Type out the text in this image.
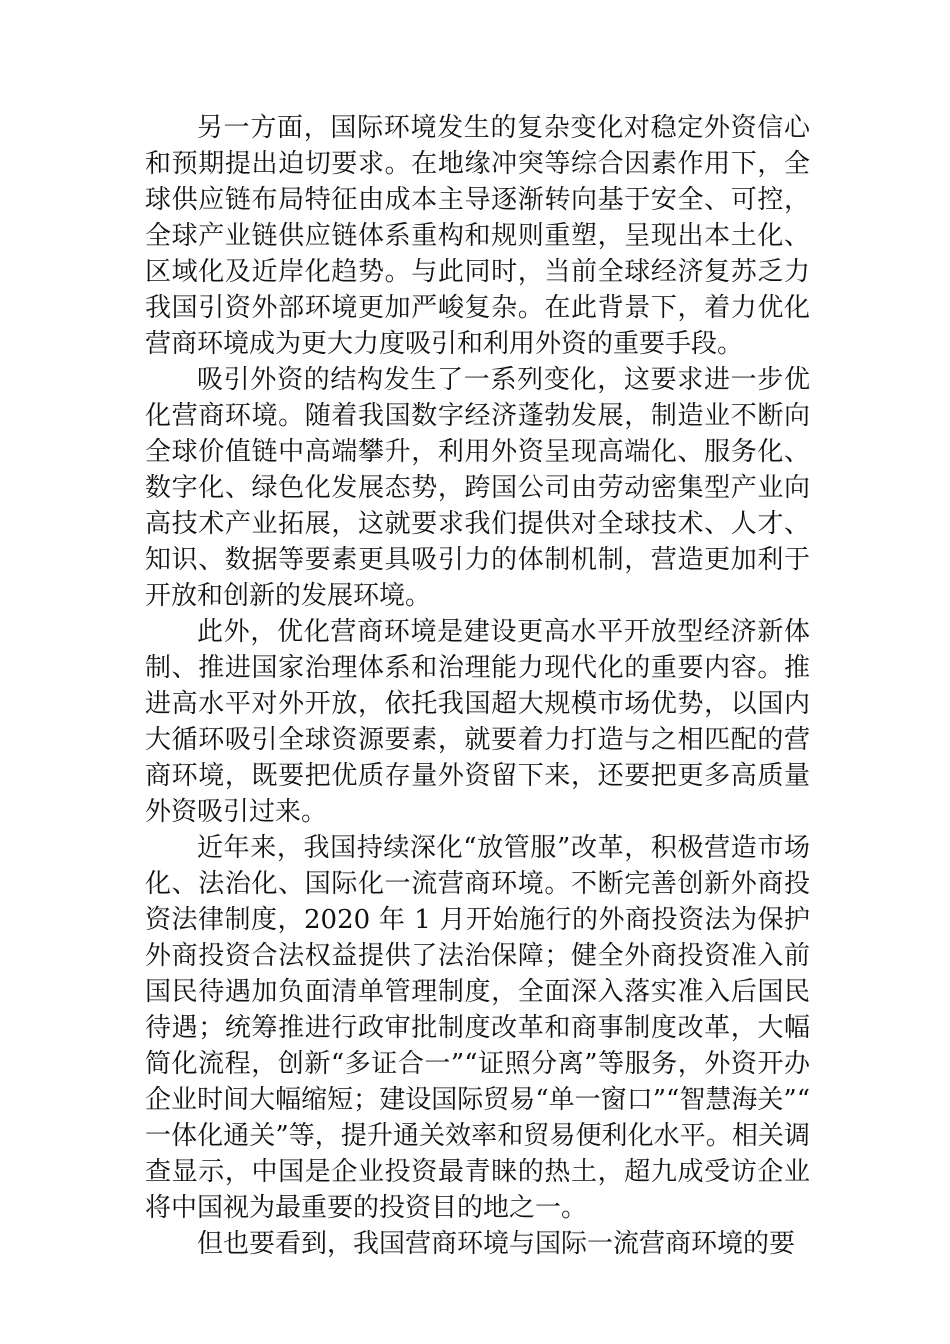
另一方面，国际环境发生的复杂变化对稳定外资信心和预期提出迫切要求。在地缘冲突等综合因素作用下，全球供应链布局特征由成本主导逐渐转向基于安全、可控，全球产业链供应链体系重构和规则重塑，呈现出本土化、区域化及近岸化趋势。与此同时，当前全球经济复苏乏力我国引资外部环境更加严峻复杂。在此背景下，着力优化营商环境成为更大力度吸引和利用外资的重要手段。

吸引外资的结构发生了一系列变化，这要求进一步优化营商环境。随着我国数字经济蓬勃发展，制造业不断向全球价值链中高端攀升，利用外资呈现高端化、服务化、数字化、绿色化发展态势，跨国公司由劳动密集型产业向高技术产业拓展，这就要求我们提供对全球技术、人才、知识、数据等要素更具吸引力的体制机制，营造更加利于开放和创新的发展环境。

此外，优化营商环境是建设更高水平开放型经济新体制、推进国家治理体系和治理能力现代化的重要内容。推进高水平对外开放，依托我国超大规模市场优势，以国内大循环吸引全球资源要素，就要着力打造与之相匹配的营商环境，既要把优质存量外资留下来，还要把更多高质量外资吸引过来。

近年来，我国持续深化“放管服”改革，积极营造市场化、法治化、国际化一流营商环境。不断完善创新外商投资法律制度，2020 年 1 月开始施行的外商投资法为保护外商投资合法权益提供了法治保障；健全外商投资准入前国民待遇加负面清单管理制度，全面深入落实准入后国民待遇；统筹推进行政审批制度改革和商事制度改革，大幅简化流程，创新“多证合一”“证照分离”等服务，外资开办企业时间大幅缩短；建设国际贸易“单一窗口”“智慧海关”“一体化通关”等，提升通关效率和贸易便利化水平。相关调查显示，中国是企业投资最青睐的热土，超九成受访企业将中国视为最重要的投资目的地之一。

但也要看到，我国营商环境与国际一流营商环境的要
